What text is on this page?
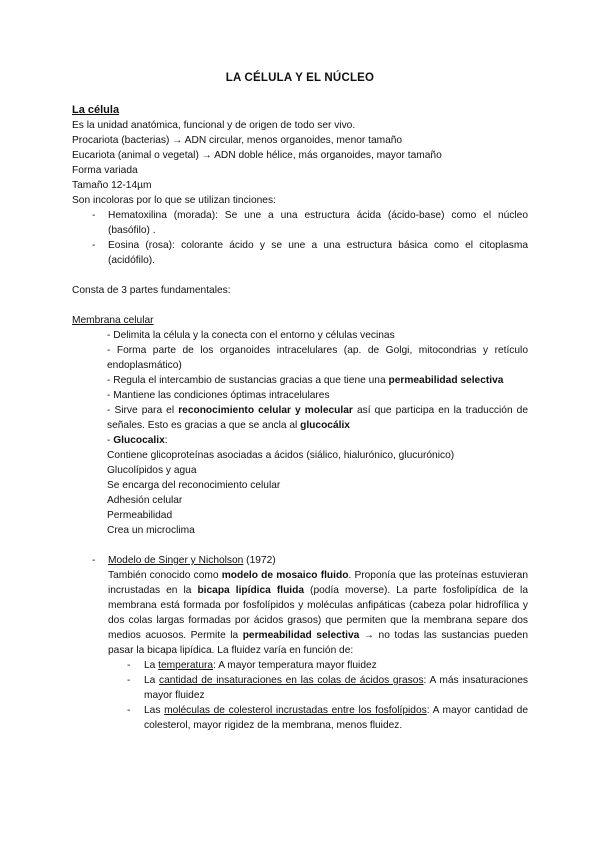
LA CÉLULA Y EL NÚCLEO
La célula
Es la unidad anatómica, funcional y de origen de todo ser vivo.
Procariota (bacterias) → ADN circular, menos organoides, menor tamaño
Eucariota (animal o vegetal) → ADN doble hélice, más organoides, mayor tamaño
Forma variada
Tamaño 12-14µm
Son incoloras por lo que se utilizan tinciones:
- Hematoxilina (morada): Se une a una estructura ácida (ácido-base) como el núcleo (basófilo) .
- Eosina (rosa): colorante ácido y se une a una estructura básica como el citoplasma (acidófilo).
Consta de 3 partes fundamentales:
Membrana celular
- Delimita la célula y la conecta con el entorno y células vecinas
- Forma parte de los organoides intracelulares (ap. de Golgi, mitocondrias y retículo endoplasmático)
- Regula el intercambio de sustancias gracias a que tiene una permeabilidad selectiva
- Mantiene las condiciones óptimas intracelulares
- Sirve para el reconocimiento celular y molecular así que participa en la traducción de señales. Esto es gracias a que se ancla al glucocálix
- Glucocalix:
Contiene glicoproteínas asociadas a ácidos (siálico, hialurónico, glucurónico)
Glucolípidos y agua
Se encarga del reconocimiento celular
Adhesión celular
Permeabilidad
Crea un microclima
- Modelo de Singer y Nicholson (1972)
También conocido como modelo de mosaico fluido. Proponía que las proteínas estuvieran incrustadas en la bicapa lipídica fluida (podía moverse). La parte fosfolipídica de la membrana está formada por fosfolípidos y moléculas anfipáticas (cabeza polar hidrofílica y dos colas largas formadas por ácidos grasos) que permiten que la membrana separe dos medios acuosos. Permite la permeabilidad selectiva → no todas las sustancias pueden pasar la bicapa lipídica. La fluidez varía en función de:
- La temperatura: A mayor temperatura mayor fluidez
- La cantidad de insaturaciones en las colas de ácidos grasos: A más insaturaciones mayor fluidez
- Las moléculas de colesterol incrustadas entre los fosfolípidos: A mayor cantidad de colesterol, mayor rigidez de la membrana, menos fluidez.
